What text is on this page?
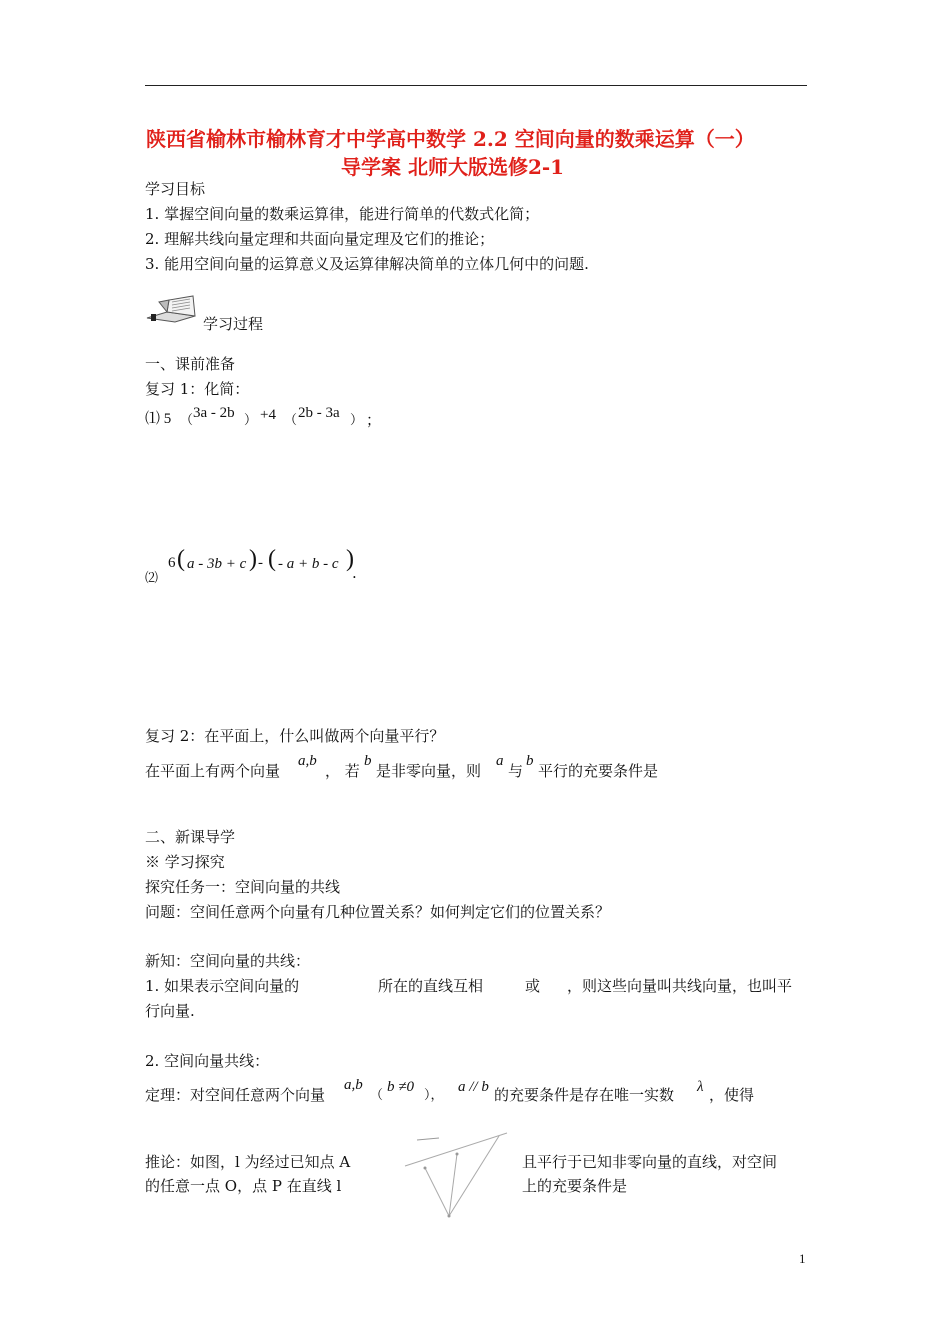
陕西省榆林市榆林育才中学高中数学 2.2 空间向量的数乘运算（一）
导学案 北师大版选修2-1
学习目标
1. 掌握空间向量的数乘运算律，能进行简单的代数式化简；
2. 理解共线向量定理和共面向量定理及它们的推论；
3. 能用空间向量的运算意义及运算律解决简单的立体几何中的问题.
学习过程
一、课前准备
复习 1：化简：
⑴ 5 （ 3a - 2b ） +4 （ 2b - 3a ） ；
⑵
6 ( a - 3b + c ) - ( - a + b - c )
.
复习 2：在平面上，什么叫做两个向量平行？
在平面上有两个向量
a,b
， 若
b
是非零向量，则
a
与
b
平行的充要条件是
二、新课导学
※ 学习探究
探究任务一：空间向量的共线
问题：空间任意两个向量有几种位置关系？如何判定它们的位置关系？
新知：空间向量的共线：
1. 如果表示空间向量的	所在的直线互相	或 ，则这些向量叫共线向量，也叫平
行向量.
2. 空间向量共线：
定理：对空间任意两个向量
a,b
（
b ≠0
），
a // b 的充要条件是存在唯一实数 λ ，使得
推论：如图，l 为经过已知点 A	且平行于已知非零向量的直线，对空间
的任意一点 O，点 P 在直线 l	上的充要条件是
1
